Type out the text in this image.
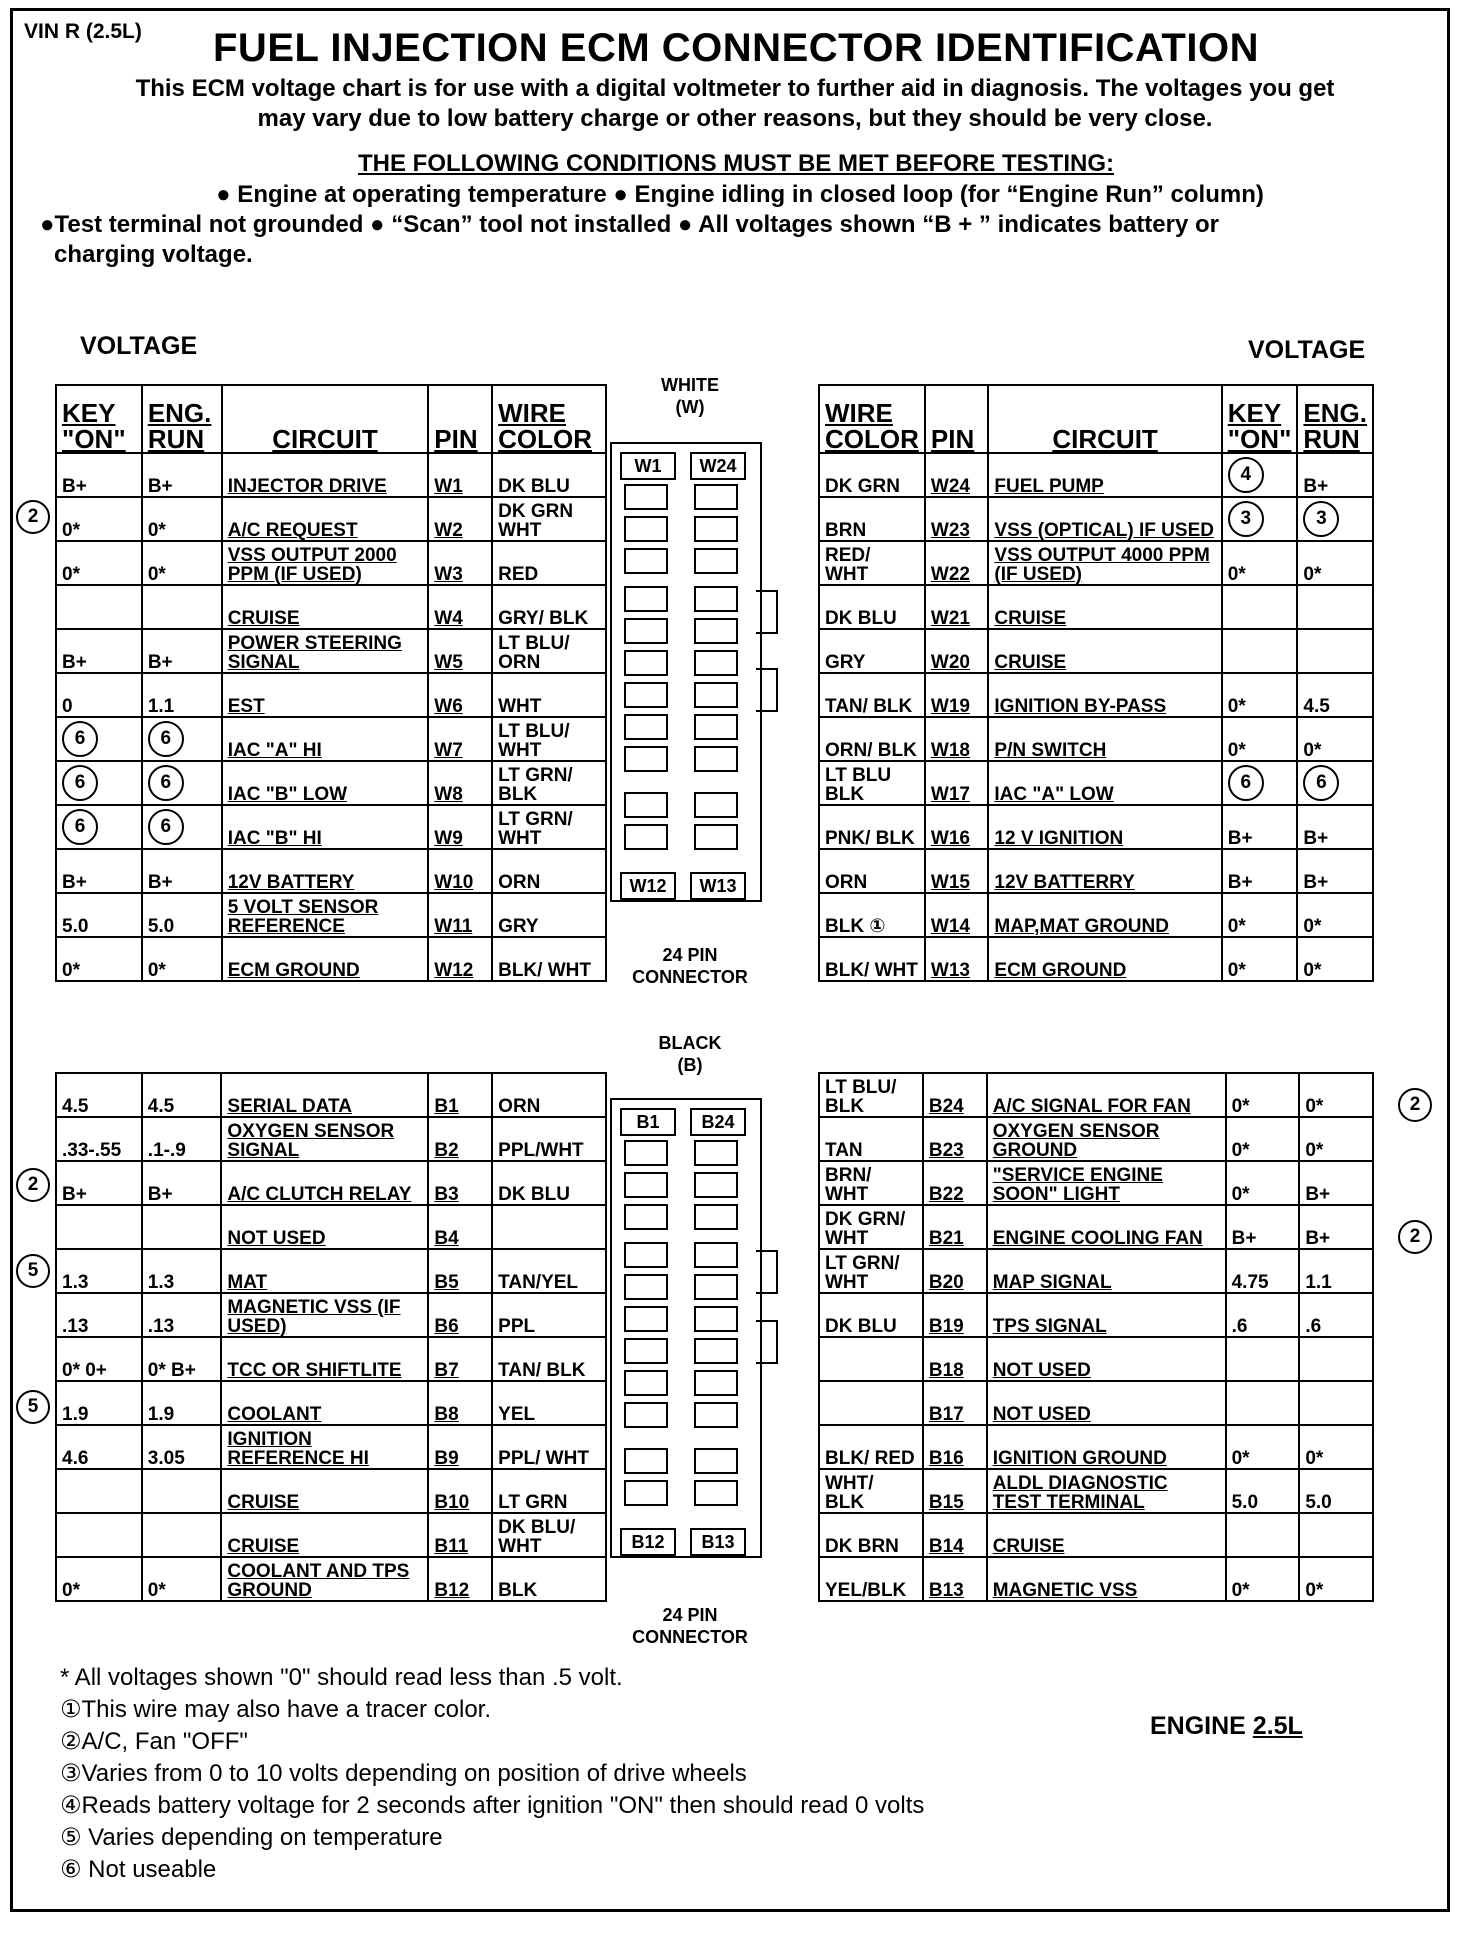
VIN R (2.5L)	FUEL INJECTION ECM CONNECTOR IDENTIFICATION
This ECM voltage chart is for use with a digital voltmeter to further aid in diagnosis. The voltages you get
may vary due to low battery charge or other reasons, but they should be very close.
THE FOLLOWING CONDITIONS MUST BE MET BEFORE TESTING:
● Engine at operating temperature ● Engine idling in closed loop (for “Engine Run” column)
●Test terminal not grounded ● “Scan” tool not installed ● All voltages shown “B + ” indicates battery or
charging voltage.
VOLTAGE	VOLTAGE
KEY "ON"	ENG. RUN	CIRCUIT	PIN	WIRE COLOR
B+	B+	INJECTOR DRIVE	W1	DK BLU
0*	0*	A/C REQUEST	W2	DK GRN WHT
0*	0*	VSS OUTPUT 2000 PPM (IF USED)	W3	RED
		CRUISE	W4	GRY/ BLK
B+	B+	POWER STEERING SIGNAL	W5	LT BLU/ ORN
0	1.1	EST	W6	WHT
6	6	IAC "A" HI	W7	LT BLU/ WHT
6	6	IAC "B" LOW	W8	LT GRN/ BLK
6	6	IAC "B" HI	W9	LT GRN/ WHT
B+	B+	12V BATTERY	W10	ORN
5.0	5.0	5 VOLT SENSOR REFERENCE	W11	GRY
0*	0*	ECM GROUND	W12	BLK/ WHT
WIRE COLOR	PIN	CIRCUIT	KEY "ON"	ENG. RUN
DK GRN	W24	FUEL PUMP	4	B+
BRN	W23	VSS (OPTICAL) IF USED	3	3
RED/ WHT	W22	VSS OUTPUT 4000 PPM (IF USED)	0*	0*
DK BLU	W21	CRUISE		
GRY	W20	CRUISE		
TAN/ BLK	W19	IGNITION BY-PASS	0*	4.5
ORN/ BLK	W18	P/N SWITCH	0*	0*
LT BLU BLK	W17	IAC "A" LOW	6	6
PNK/ BLK	W16	12 V IGNITION	B+	B+
ORN	W15	12V BATTERRY	B+	B+
BLK ①	W14	MAP,MAT GROUND	0*	0*
BLK/ WHT	W13	ECM GROUND	0*	0*
4.5	4.5	SERIAL DATA	B1	ORN
.33-.55	.1-.9	OXYGEN SENSOR SIGNAL	B2	PPL/WHT
B+	B+	A/C CLUTCH RELAY	B3	DK BLU
		NOT USED	B4	
1.3	1.3	MAT	B5	TAN/YEL
.13	.13	MAGNETIC VSS (IF USED)	B6	PPL
0* 0+	0* B+	TCC OR SHIFTLITE	B7	TAN/ BLK
1.9	1.9	COOLANT	B8	YEL
4.6	3.05	IGNITION REFERENCE HI	B9	PPL/ WHT
		CRUISE	B10	LT GRN
		CRUISE	B11	DK BLU/ WHT
0*	0*	COOLANT AND TPS GROUND	B12	BLK
LT BLU/ BLK	B24	A/C SIGNAL FOR FAN	0*	0*
TAN	B23	OXYGEN SENSOR GROUND	0*	0*
BRN/ WHT	B22	"SERVICE ENGINE SOON" LIGHT	0*	B+
DK GRN/ WHT	B21	ENGINE COOLING FAN	B+	B+
LT GRN/ WHT	B20	MAP SIGNAL	4.75	1.1
DK BLU	B19	TPS SIGNAL	.6	.6
	B18	NOT USED		
	B17	NOT USED		
BLK/ RED	B16	IGNITION GROUND	0*	0*
WHT/ BLK	B15	ALDL DIAGNOSTIC TEST TERMINAL	5.0	5.0
DK BRN	B14	CRUISE		
YEL/BLK	B13	MAGNETIC VSS	0*	0*
2
2
5
5
2
2
WHITE
(W)
W1	W24
W12	W13
24 PIN
CONNECTOR
BLACK
(B)
B1	B24
B12	B13
24 PIN
CONNECTOR
* All voltages shown "0" should read less than .5 volt.
①This wire may also have a tracer color.
②A/C, Fan "OFF"
③Varies from 0 to 10 volts depending on position of drive wheels
④Reads battery voltage for 2 seconds after ignition "ON" then should read 0 volts
⑤ Varies depending on temperature
⑥ Not useable
ENGINE 2.5L
